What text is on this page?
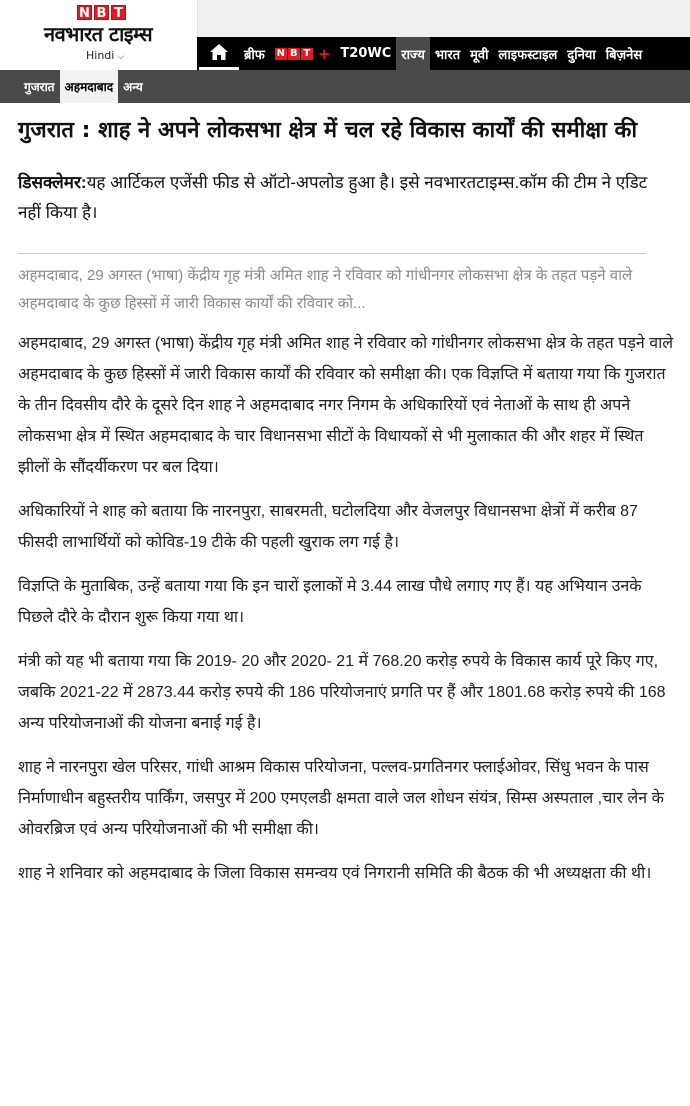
N B T
नवभारत टाइम्स
Hindi ⌵	ब्रीफ N B T + T20WC राज्य भारत मूवी लाइफस्टाइल दुनिया बिज़नेस
गुजरात अहमदाबाद अन्य
गुजरात : शाह ने अपने लोकसभा क्षेत्र में चल रहे विकास कार्यों की समीक्षा की

डिसक्लेमर:यह आर्टिकल एजेंसी फीड से ऑटो-अपलोड हुआ है। इसे नवभारतटाइम्स.कॉम की टीम ने एडिट नहीं किया है।

अहमदाबाद, 29 अगस्त (भाषा) केंद्रीय गृह मंत्री अमित शाह ने रविवार को गांधीनगर लोकसभा क्षेत्र के तहत पड़ने वाले अहमदाबाद के कुछ हिस्सों में जारी विकास कार्यों की रविवार को...

अहमदाबाद, 29 अगस्त (भाषा) केंद्रीय गृह मंत्री अमित शाह ने रविवार को गांधीनगर लोकसभा क्षेत्र के तहत पड़ने वाले अहमदाबाद के कुछ हिस्सों में जारी विकास कार्यों की रविवार को समीक्षा की। एक विज्ञप्ति में बताया गया कि गुजरात के तीन दिवसीय दौरे के दूसरे दिन शाह ने अहमदाबाद नगर निगम के अधिकारियों एवं नेताओं के साथ ही अपने लोकसभा क्षेत्र में स्थित अहमदाबाद के चार विधानसभा सीटों के विधायकों से भी मुलाकात की और शहर में स्थित झीलों के सौंदर्यीकरण पर बल दिया।

अधिकारियों ने शाह को बताया कि नारनपुरा, साबरमती, घटोलदिया और वेजलपुर विधानसभा क्षेत्रों में करीब 87 फीसदी लाभार्थियों को कोविड-19 टीके की पहली खुराक लग गई है।

विज्ञप्ति के मुताबिक, उन्हें बताया गया कि इन चारों इलाकों मे 3.44 लाख पौधे लगाए गए हैं। यह अभियान उनके पिछले दौरे के दौरान शुरू किया गया था।

मंत्री को यह भी बताया गया कि 2019- 20 और 2020- 21 में 768.20 करोड़ रुपये के विकास कार्य पूरे किए गए, जबकि 2021-22 में 2873.44 करोड़ रुपये की 186 परियोजनाएं प्रगति पर हैं और 1801.68 करोड़ रुपये की 168 अन्य परियोजनाओं की योजना बनाई गई है।

शाह ने नारनपुरा खेल परिसर, गांधी आश्रम विकास परियोजना, पल्लव-प्रगतिनगर फ्लाईओवर, सिंधु भवन के पास निर्माणाधीन बहुस्तरीय पार्किंग, जसपुर में 200 एमएलडी क्षमता वाले जल शोधन संयंत्र, सिम्स अस्पताल ,चार लेन के ओवरब्रिज एवं अन्य परियोजनाओं की भी समीक्षा की।

शाह ने शनिवार को अहमदाबाद के जिला विकास समन्वय एवं निगरानी समिति की बैठक की भी अध्यक्षता की थी।
